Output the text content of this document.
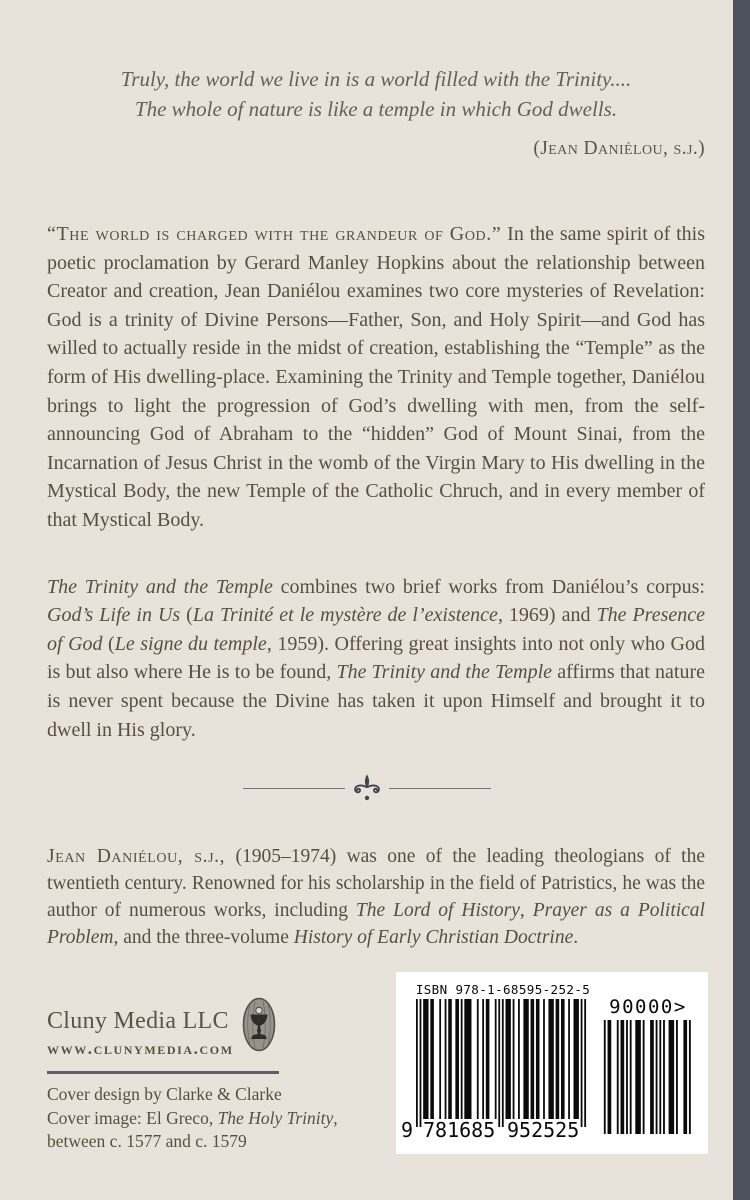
Truly, the world we live in is a world filled with the Trinity....
The whole of nature is like a temple in which God dwells.
(Jean Daniélou, s.j.)

“The world is charged with the grandeur of God.” In the same spirit of this poetic proclamation by Gerard Manley Hopkins about the relationship between Creator and creation, Jean Daniélou examines two core mysteries of Revelation: God is a trinity of Divine Persons—Father, Son, and Holy Spirit—and God has willed to actually reside in the midst of creation, establishing the “Temple” as the form of His dwelling-place. Examining the Trinity and Temple together, Daniélou brings to light the progression of God’s dwelling with men, from the self-announcing God of Abraham to the “hidden” God of Mount Sinai, from the Incarnation of Jesus Christ in the womb of the Virgin Mary to His dwelling in the Mystical Body, the new Temple of the Catholic Chruch, and in every member of that Mystical Body.

The Trinity and the Temple combines two brief works from Daniélou’s corpus: God’s Life in Us (La Trinité et le mystère de l’existence, 1969) and The Presence of God (Le signe du temple, 1959). Offering great insights into not only who God is but also where He is to be found, The Trinity and the Temple affirms that nature is never spent because the Divine has taken it upon Himself and brought it to dwell in His glory.

Jean Daniélou, s.j., (1905–1974) was one of the leading theologians of the twentieth century. Renowned for his scholarship in the field of Patristics, he was the author of numerous works, including The Lord of History, Prayer as a Political Problem, and the three-volume History of Early Christian Doctrine.

Cluny Media LLC
www.clunymedia.com
Cover design by Clarke & Clarke
Cover image: El Greco, The Holy Trinity,
between c. 1577 and c. 1579
ISBN 978-1-68595-252-5
9 781685 952525
90000>
